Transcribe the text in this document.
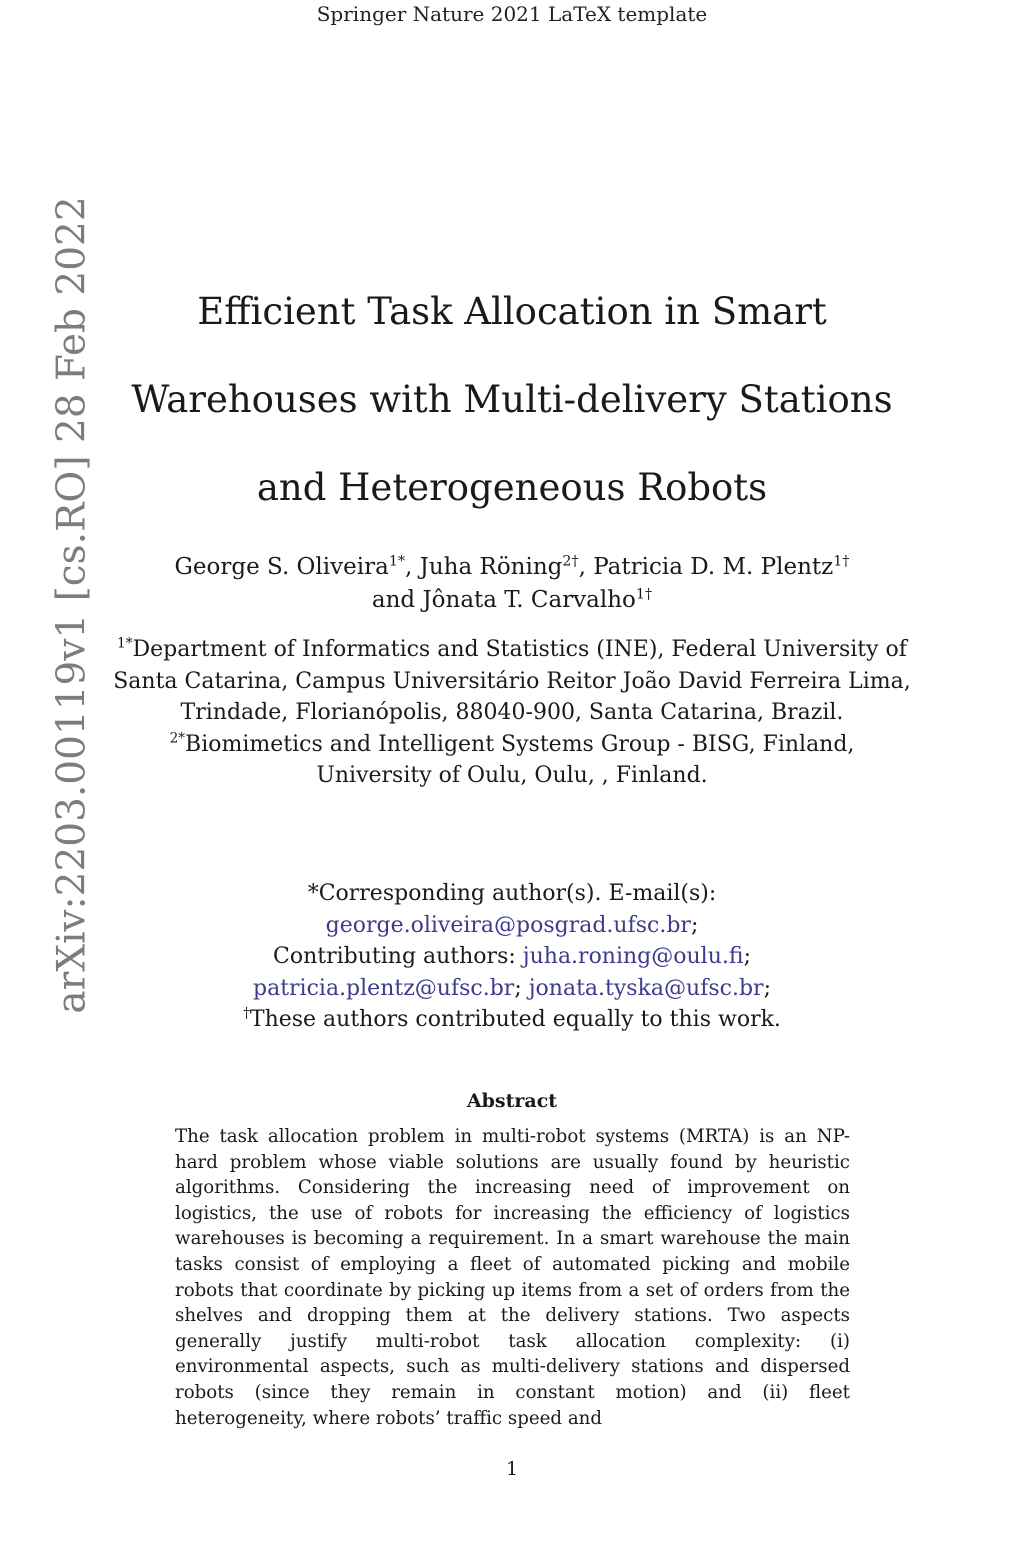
Springer Nature 2021 LaTeX template
arXiv:2203.00119v1 [cs.RO] 28 Feb 2022	Efficient Task Allocation in Smart
Warehouses with Multi-delivery Stations
and Heterogeneous Robots
George S. Oliveira$^{1*}$, Juha Röning$^{2\dagger}$, Patricia D. M. Plentz$^{1\dagger}$
and Jônata T. Carvalho$^{1\dagger}$
$^{1*}$Department of Informatics and Statistics (INE), Federal University of Santa Catarina, Campus Universitário Reitor João David Ferreira Lima, Trindade, Florianópolis, 88040-900, Santa Catarina, Brazil.
$^{2*}$Biomimetics and Intelligent Systems Group - BISG, Finland, University of Oulu, Oulu, , Finland.
*Corresponding author(s). E-mail(s):
george.oliveira@posgrad.ufsc.br;
Contributing authors: juha.roning@oulu.fi;
patricia.plentz@ufsc.br; jonata.tyska@ufsc.br;
†These authors contributed equally to this work.
Abstract
The task allocation problem in multi-robot systems (MRTA) is an NP-hard problem whose viable solutions are usually found by heuristic algorithms. Considering the increasing need of improvement on logistics, the use of robots for increasing the efficiency of logistics warehouses is becoming a requirement. In a smart warehouse the main tasks consist of employing a fleet of automated picking and mobile robots that coordinate by picking up items from a set of orders from the shelves and dropping them at the delivery stations. Two aspects generally justify multi-robot task allocation complexity: (i) environmental aspects, such as multi-delivery stations and dispersed robots (since they remain in constant motion) and (ii) fleet heterogeneity, where robots’ traffic speed and
1
